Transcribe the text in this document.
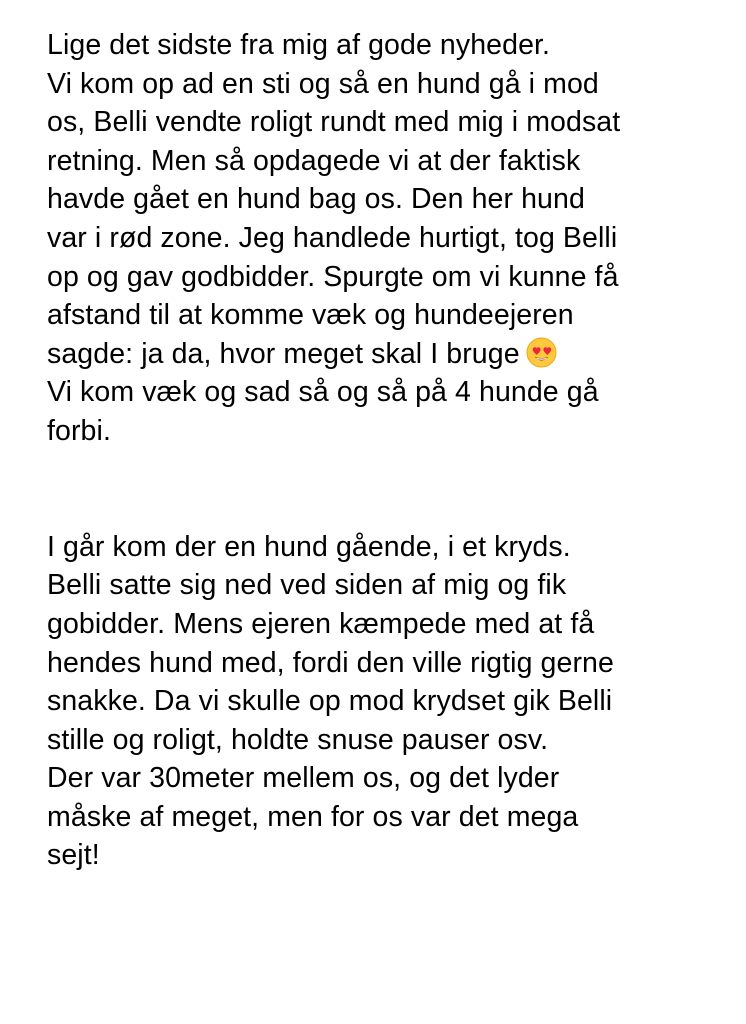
Lige det sidste fra mig af gode nyheder.
Vi kom op ad en sti og så en hund gå i mod
os, Belli vendte roligt rundt med mig i modsat
retning. Men så opdagede vi at der faktisk
havde gået en hund bag os. Den her hund
var i rød zone. Jeg handlede hurtigt, tog Belli
op og gav godbidder. Spurgte om vi kunne få
afstand til at komme væk og hundeejeren
sagde: ja da, hvor meget skal I bruge
Vi kom væk og sad så og så på 4 hunde gå
forbi.
I går kom der en hund gående, i et kryds.
Belli satte sig ned ved siden af mig og fik
gobidder. Mens ejeren kæmpede med at få
hendes hund med, fordi den ville rigtig gerne
snakke. Da vi skulle op mod krydset gik Belli
stille og roligt, holdte snuse pauser osv.
Der var 30meter mellem os, og det lyder
måske af meget, men for os var det mega
sejt!
